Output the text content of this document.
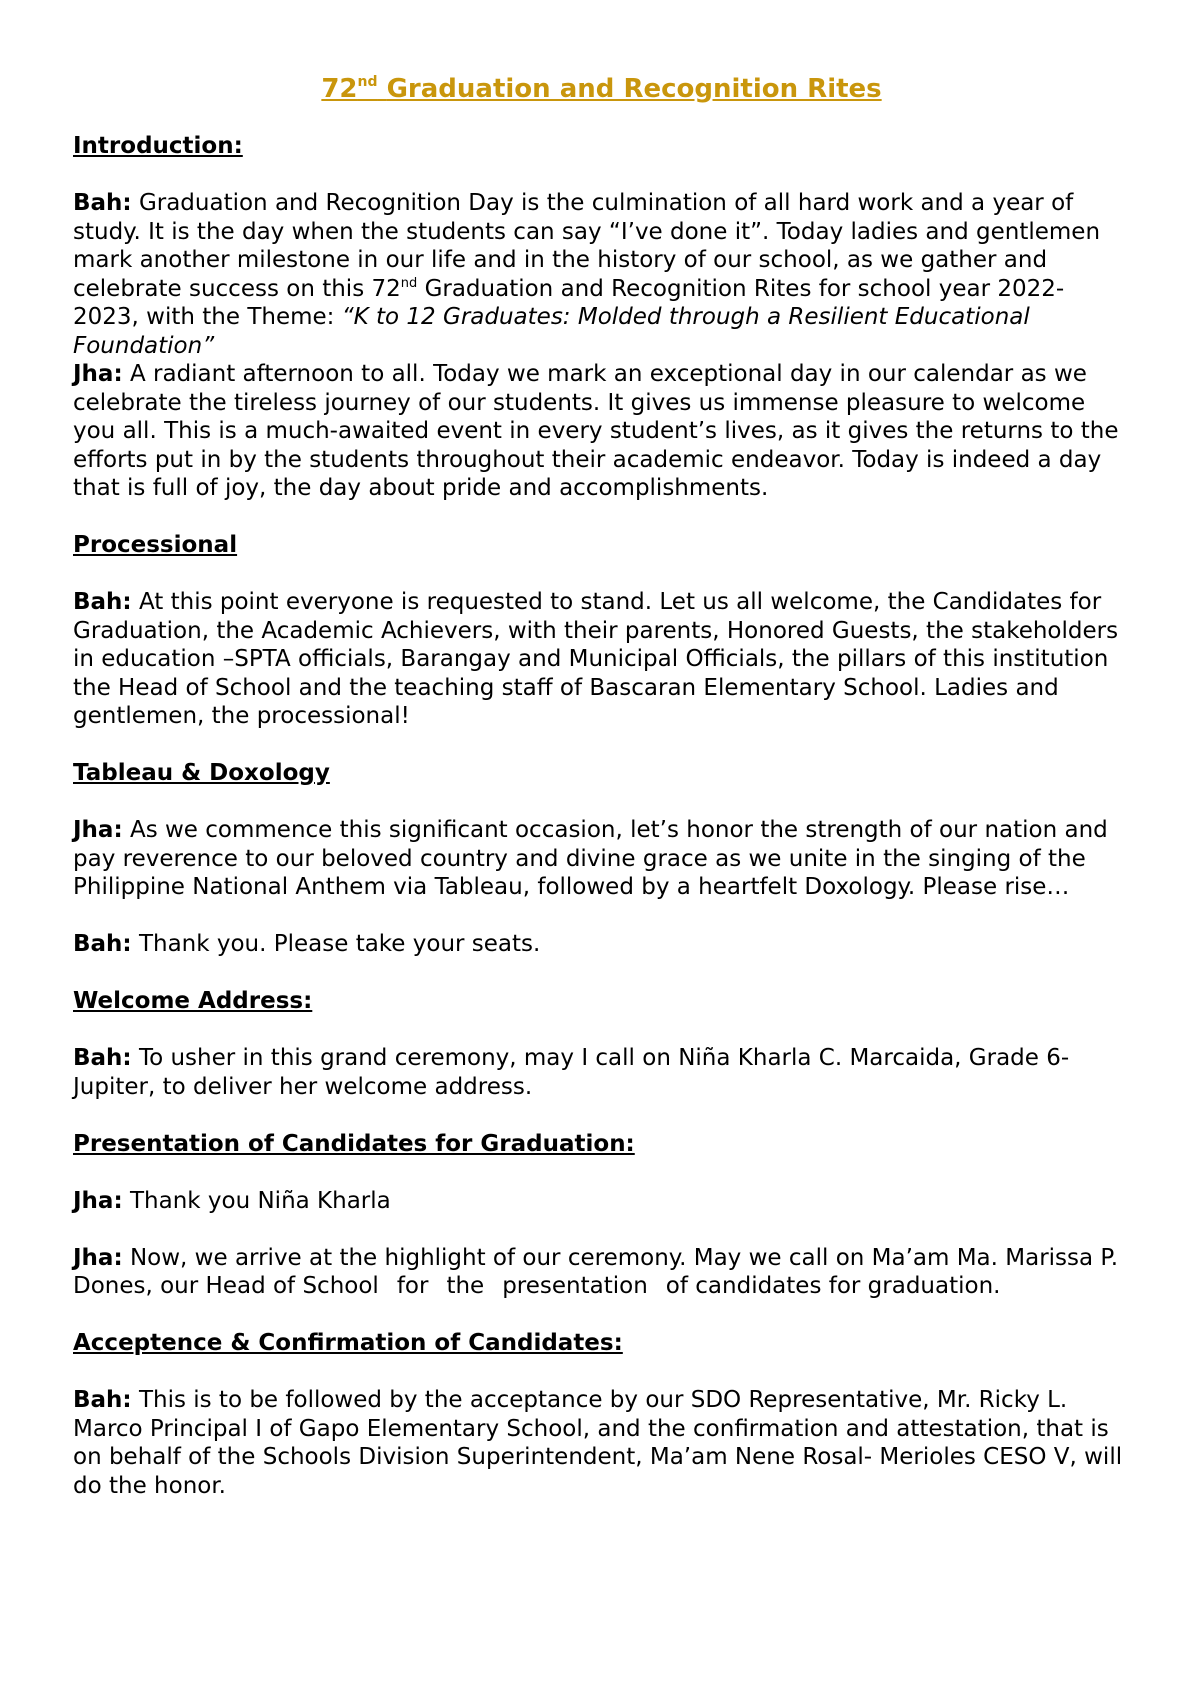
72nd Graduation and Recognition Rites
Introduction:

Bah: Graduation and Recognition Day is the culmination of all hard work and a year of study. It is the day when the students can say “I’ve done it”. Today ladies and gentlemen mark another milestone in our life and in the history of our school, as we gather and celebrate success on this 72nd Graduation and Recognition Rites for school year 2022-2023, with the Theme: “K to 12 Graduates: Molded through a Resilient Educational Foundation”

Jha: A radiant afternoon to all. Today we mark an exceptional day in our calendar as we celebrate the tireless journey of our students. It gives us immense pleasure to welcome you all. This is a much-awaited event in every student’s lives, as it gives the returns to the efforts put in by the students throughout their academic endeavor. Today is indeed a day that is full of joy, the day about pride and accomplishments.

Processional

Bah: At this point everyone is requested to stand. Let us all welcome, the Candidates for Graduation, the Academic Achievers, with their parents, Honored Guests, the stakeholders in education –SPTA officials, Barangay and Municipal Officials, the pillars of this institution the Head of School and the teaching staff of Bascaran Elementary School. Ladies and gentlemen, the processional!

Tableau & Doxology

Jha: As we commence this significant occasion, let’s honor the strength of our nation and pay reverence to our beloved country and divine grace as we unite in the singing of the Philippine National Anthem via Tableau, followed by a heartfelt Doxology. Please rise…

Bah: Thank you. Please take your seats.

Welcome Address:

Bah: To usher in this grand ceremony, may I call on Niña Kharla C. Marcaida, Grade 6-Jupiter, to deliver her welcome address.

Presentation of Candidates for Graduation:

Jha: Thank you Niña Kharla

Jha: Now, we arrive at the highlight of our ceremony. May we call on Ma’am Ma. Marissa P. Dones, our Head of School for the presentation of candidates for graduation.

Acceptence & Confirmation of Candidates:

Bah: This is to be followed by the acceptance by our SDO Representative, Mr. Ricky L. Marco Principal I of Gapo Elementary School, and the confirmation and attestation, that is on behalf of the Schools Division Superintendent, Ma’am Nene Rosal- Merioles CESO V, will do the honor.
